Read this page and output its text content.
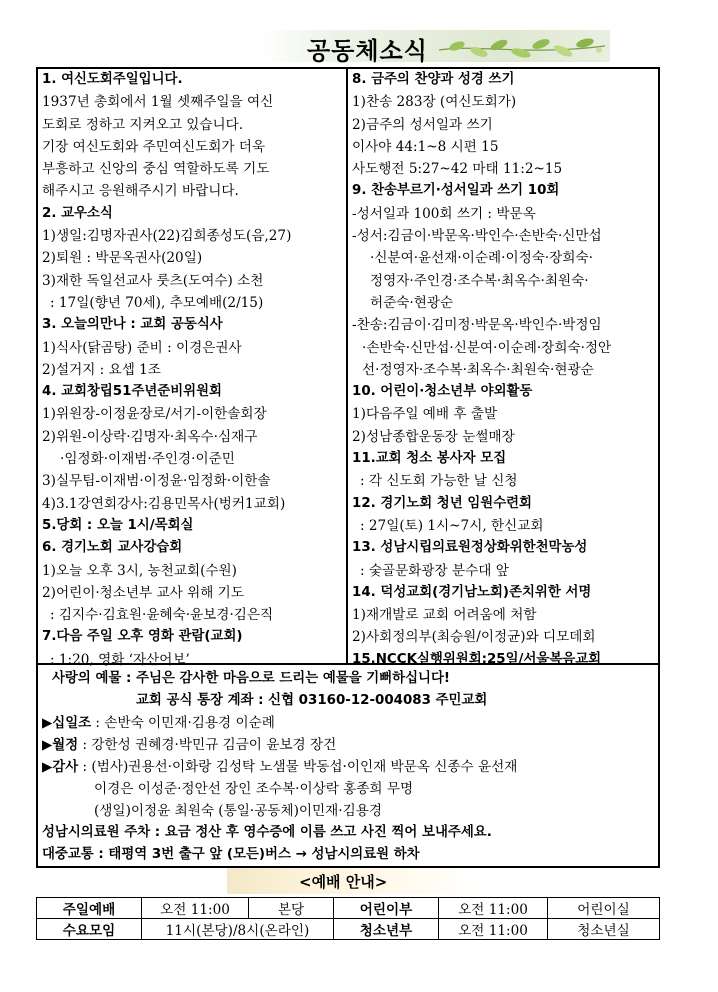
공동체소식
1. 여신도회주일입니다.
1937년 총회에서 1월 셋째주일을 여신
도회로 정하고 지켜오고 있습니다.
기장 여신도회와 주민여신도회가 더욱
부흥하고 신앙의 중심 역할하도록 기도
해주시고 응원해주시기 바랍니다.
2. 교우소식
1)생일:김명자권사(22)김희종성도(음,27)
2)퇴원 : 박문옥권사(20일)
3)재한 독일선교사 룻츠(도여수) 소천
: 17일(향년 70세), 추모예배(2/15)
3. 오늘의만나 : 교회 공동식사
1)식사(닭곰탕) 준비 : 이경은권사
2)설거지 : 요셉 1조
4. 교회창립51주년준비위원회
1)위원장-이정윤장로/서기-이한솔회장
2)위원-이상락·김명자·최옥수·심재구
·임정화·이재범·주인경·이준민
3)실무팀-이재범·이정윤·임정화·이한솔
4)3.1강연회강사:김용민목사(벙커1교회)
5.당회 : 오늘 1시/목회실
6. 경기노회 교사강습회
1)오늘 오후 3시, 농천교회(수원)
2)어린이·청소년부 교사 위해 기도
: 김지수·김효원·윤혜숙·윤보경·김은직
7.다음 주일 오후 영화 관람(교회)
: 1:20, 영화 ‘자산어보’
8. 금주의 찬양과 성경 쓰기
1)찬송 283장 (여신도회가)
2)금주의 성서일과 쓰기
이사야 44:1~8 시편 15
사도행전 5:27~42 마태 11:2~15
9. 찬송부르기·성서일과 쓰기 10회
-성서일과 100회 쓰기 : 박문옥
-성서:김금이·박문옥·박인수·손반숙·신만섭
·신분여·윤선재·이순례·이정숙·장희숙·
정영자·주인경·조수복·최옥수·최원숙·
허준숙·현광순
-찬송:김금이·김미정·박문옥·박인수·박정임
·손반숙·신만섭·신분여·이순례·장희숙·정안
선·정영자·조수복·최옥수·최원숙·현광순
10. 어린이·청소년부 야외활동
1)다음주일 예배 후 출발
2)성남종합운동장 눈썰매장
11.교회 청소 봉사자 모집
: 각 신도회 가능한 날 신청
12. 경기노회 청년 임원수련회
: 27일(토) 1시~7시, 한신교회
13. 성남시립의료원정상화위한천막농성
: 숯골문화광장 분수대 앞
14. 덕성교회(경기남노회)존치위한 서명
1)재개발로 교회 어려움에 처함
2)사회정의부(최승원/이정균)와 디모데회
15.NCCK실행위원회:25일/서울복음교회
사랑의 예물 : 주님은 감사한 마음으로 드리는 예물을 기뻐하십니다!
교회 공식 통장 계좌 : 신협 03160-12-004083 주민교회
▶십일조 : 손반숙 이민재·김용경 이순례
▶월정 : 강한성 권혜경·박민규 김금이 윤보경 장건
▶감사 : (범사)권용선·이화랑 김성탁 노샘물 박동섭·이인재 박문옥 신종수 윤선재
이경은 이성준·정안선 장인 조수복·이상락 홍종희 무명
(생일)이정윤 최원숙 (통일·공동체)이민재·김용경
성남시의료원 주차 : 요금 정산 후 영수증에 이름 쓰고 사진 찍어 보내주세요.
대중교통 : 태평역 3번 출구 앞 (모든)버스 → 성남시의료원 하차
<예배 안내>
주일예배	오전 11:00	본당	어린이부	오전 11:00	어린이실
수요모임	11시(본당)/8시(온라인)		청소년부	오전 11:00	청소년실
